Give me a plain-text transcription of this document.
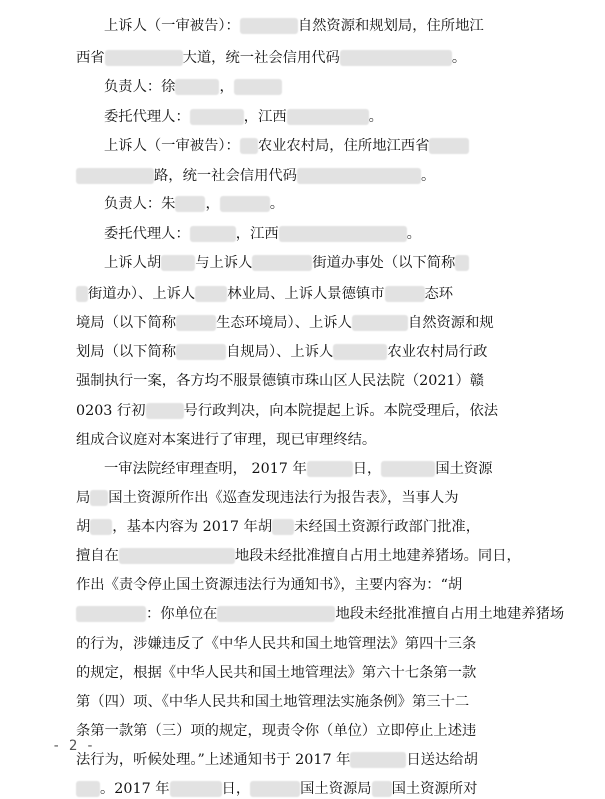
上诉人（一审被告）：	自然资源和规划局，住所地江
西省	大道，统一社会信用代码	。
负责人：徐	，
委托代理人：	，江西	。
上诉人（一审被告）： 农业农村局，住所地江西省
路，统一社会信用代码	。
负责人：朱 ，	。
委托代理人：	，江西	。
上诉人胡 与上诉人	街道办事处（以下简称
街道办）、上诉人 林业局、上诉人景德镇市	态环
境局（以下简称	生态环境局）、上诉人	自然资源和规
划局（以下简称	自规局）、上诉人	农业农村局行政
强制执行一案，各方均不服景德镇市珠山区人民法院（2021）赣
0203 行初	号行政判决，向本院提起上诉。本院受理后，依法
组成合议庭对本案进行了审理，现已审理终结。
一审法院经审理查明， 2017 年	日，	国土资源
局 国土资源所作出《巡查发现违法行为报告表》，当事人为
胡 ，基本内容为 2017 年胡 未经国土资源行政部门批准，
擅自在	地段未经批准擅自占用土地建养猪场。同日，
作出《责令停止国土资源违法行为通知书》，主要内容为：“胡
：你单位在	地段未经批准擅自占用土地建养猪场
的行为，涉嫌违反了《中华人民共和国土地管理法》第四十三条
的规定，根据《中华人民共和国土地管理法》第六十七条第一款
第（四）项、《中华人民共和国土地管理法实施条例》第三十二
条第一款第（三）项的规定，现责令你（单位）立即停止上述违
法行为，听候处理。”上述通知书于 2017 年	日送达给胡
。2017 年	日，	国土资源局 国土资源所对
- 2 -
